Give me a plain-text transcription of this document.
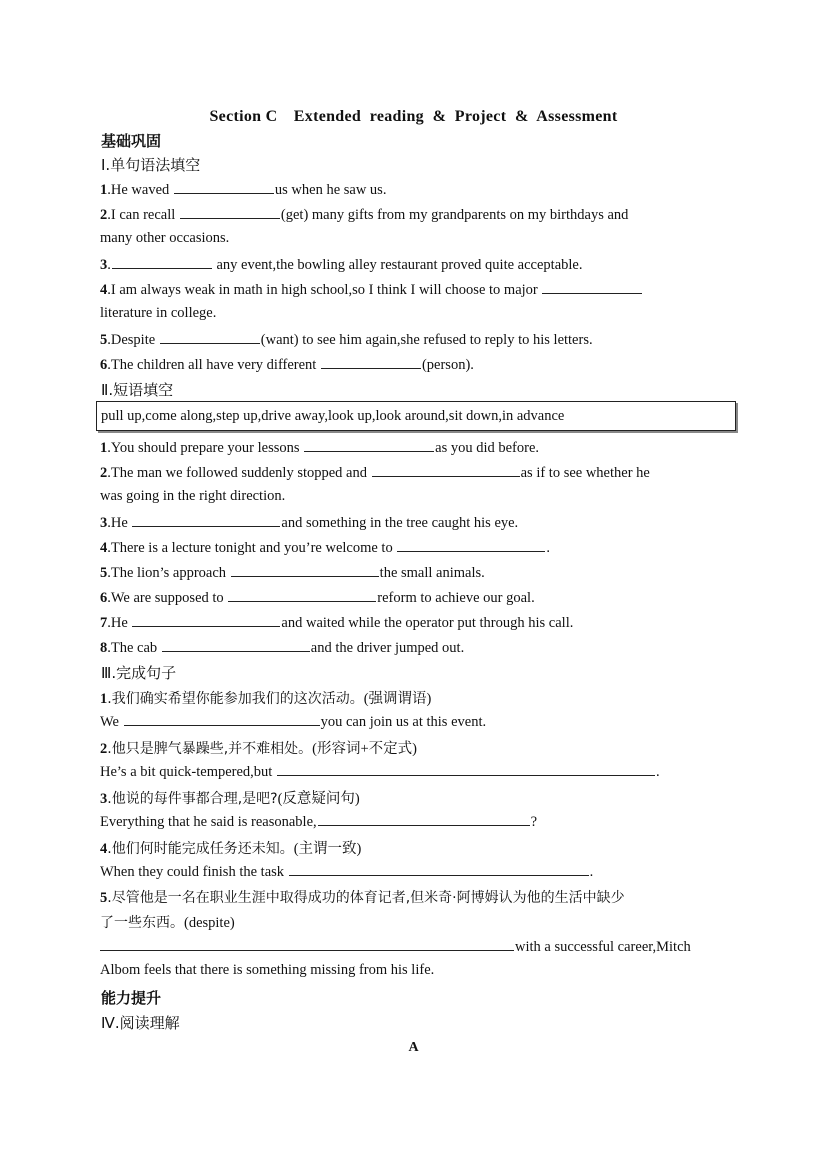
Section C　Extended  reading  &  Project  &  Assessment
基础巩固
Ⅰ.单句语法填空
1.He waved	us when he saw us.
2.I can recall	(get) many gifts from my grandparents on my birthdays and
many other occasions.
3.	any event,the bowling alley restaurant proved quite acceptable.
4.I am always weak in math in high school,so I think I will choose to major
literature in college.
5.Despite	(want) to see him again,she refused to reply to his letters.
6.The children all have very different	(person).
Ⅱ.短语填空
pull up,come along,step up,drive away,look up,look around,sit down,in advance
1.You should prepare your lessons	as you did before.
2.The man we followed suddenly stopped and	as if to see whether he
was going in the right direction.
3.He	and something in the tree caught his eye.
4.There is a lecture tonight and you’re welcome to	.
5.The lion’s approach	the small animals.
6.We are supposed to	reform to achieve our goal.
7.He	and waited while the operator put through his call.
8.The cab	and the driver jumped out.
Ⅲ.完成句子
1.我们确实希望你能参加我们的这次活动。(强调谓语)
We	you can join us at this event.
2.他只是脾气暴躁些,并不难相处。(形容词+不定式)
He’s a bit quick-tempered,but	.
3.他说的每件事都合理,是吧?(反意疑问句)
Everything that he said is reasonable,	?
4.他们何时能完成任务还未知。(主谓一致)
When they could finish the task	.
5.尽管他是一名在职业生涯中取得成功的体育记者,但米奇·阿博姆认为他的生活中缺少
了一些东西。(despite)
with a successful career,Mitch
Albom feels that there is something missing from his life.
能力提升
Ⅳ.阅读理解
A
